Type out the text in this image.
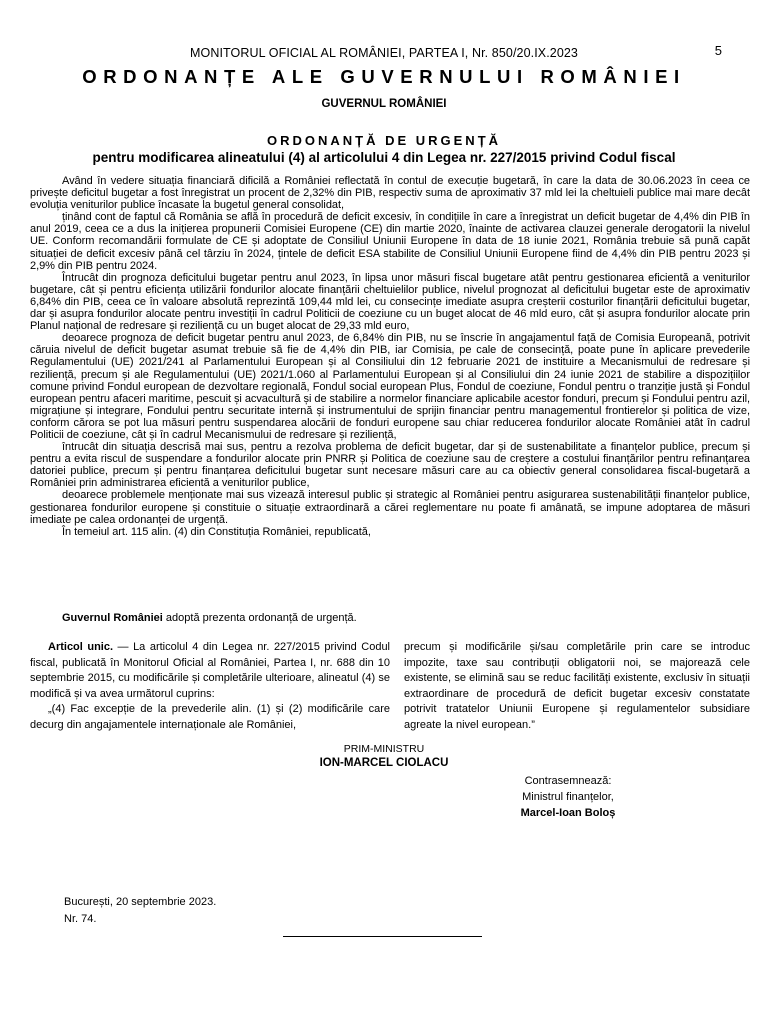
MONITORUL OFICIAL AL ROMÂNIEI, PARTEA I, Nr. 850/20.IX.2023	5
ORDONANȚE ALE GUVERNULUI ROMÂNIEI
GUVERNUL ROMÂNIEI
ORDONANȚĂ DE URGENȚĂ
pentru modificarea alineatului (4) al articolului 4 din Legea nr. 227/2015 privind Codul fiscal

Având în vedere situația financiară dificilă a României reflectată în contul de execuție bugetară, în care la data de 30.06.2023 în ceea ce privește deficitul bugetar a fost înregistrat un procent de 2,32% din PIB, respectiv suma de aproximativ 37 mld lei la cheltuieli publice mai mare decât evoluția veniturilor publice încasate la bugetul general consolidat,

ținând cont de faptul că România se află în procedură de deficit excesiv, în condițiile în care a înregistrat un deficit bugetar de 4,4% din PIB în anul 2019, ceea ce a dus la inițierea propunerii Comisiei Europene (CE) din martie 2020, înainte de activarea clauzei generale derogatorii la nivelul UE. Conform recomandării formulate de CE și adoptate de Consiliul Uniunii Europene în data de 18 iunie 2021, România trebuie să pună capăt situației de deficit excesiv până cel târziu în 2024, țintele de deficit ESA stabilite de Consiliul Uniunii Europene fiind de 4,4% din PIB pentru 2023 și 2,9% din PIB pentru 2024.

Întrucât din prognoza deficitului bugetar pentru anul 2023, în lipsa unor măsuri fiscal bugetare atât pentru gestionarea eficientă a veniturilor bugetare, cât și pentru eficiența utilizării fondurilor alocate finanțării cheltuielilor publice, nivelul prognozat al deficitului bugetar este de aproximativ 6,84% din PIB, ceea ce în valoare absolută reprezintă 109,44 mld lei, cu consecințe imediate asupra creșterii costurilor finanțării deficitului bugetar, dar și asupra fondurilor alocate pentru investiții în cadrul Politicii de coeziune cu un buget alocat de 46 mld euro, cât și asupra fondurilor alocate prin Planul național de redresare și reziliență cu un buget alocat de 29,33 mld euro,

deoarece prognoza de deficit bugetar pentru anul 2023, de 6,84% din PIB, nu se înscrie în angajamentul față de Comisia Europeană, potrivit căruia nivelul de deficit bugetar asumat trebuie să fie de 4,4% din PIB, iar Comisia, pe cale de consecință, poate pune în aplicare prevederile Regulamentului (UE) 2021/241 al Parlamentului European și al Consiliului din 12 februarie 2021 de instituire a Mecanismului de redresare și reziliență, precum și ale Regulamentului (UE) 2021/1.060 al Parlamentului European și al Consiliului din 24 iunie 2021 de stabilire a dispozițiilor comune privind Fondul european de dezvoltare regională, Fondul social european Plus, Fondul de coeziune, Fondul pentru o tranziție justă și Fondul european pentru afaceri maritime, pescuit și acvacultură și de stabilire a normelor financiare aplicabile acestor fonduri, precum și Fondului pentru azil, migrațiune și integrare, Fondului pentru securitate internă și instrumentului de sprijin financiar pentru managementul frontierelor și politica de vize, conform cărora se pot lua măsuri pentru suspendarea alocării de fonduri europene sau chiar reducerea fondurilor alocate României atât în cadrul Politicii de coeziune, cât și în cadrul Mecanismului de redresare și reziliență,

întrucât din situația descrisă mai sus, pentru a rezolva problema de deficit bugetar, dar și de sustenabilitate a finanțelor publice, precum și pentru a evita riscul de suspendare a fondurilor alocate prin PNRR și Politica de coeziune sau de creștere a costului finanțărilor pentru refinanțarea datoriei publice, precum și pentru finanțarea deficitului bugetar sunt necesare măsuri care au ca obiectiv general consolidarea fiscal-bugetară a României prin administrarea eficientă a veniturilor publice,

deoarece problemele menționate mai sus vizează interesul public și strategic al României pentru asigurarea sustenabilității finanțelor publice, gestionarea fondurilor europene și constituie o situație extraordinară a cărei reglementare nu poate fi amânată, se impune adoptarea de măsuri imediate pe calea ordonanței de urgență.

În temeiul art. 115 alin. (4) din Constituția României, republicată,

Guvernul României adoptă prezenta ordonanță de urgență.

Articol unic. — La articolul 4 din Legea nr. 227/2015 privind Codul fiscal, publicată în Monitorul Oficial al României, Partea I, nr. 688 din 10 septembrie 2015, cu modificările și completările ulterioare, alineatul (4) se modifică și va avea următorul cuprins:

„(4) Fac excepție de la prevederile alin. (1) și (2) modificările care decurg din angajamentele internaționale ale României,

precum și modificările și/sau completările prin care se introduc impozite, taxe sau contribuții obligatorii noi, se majorează cele existente, se elimină sau se reduc facilități existente, exclusiv în situații extraordinare de procedură de deficit bugetar excesiv constatate potrivit tratatelor Uniunii Europene și regulamentelor subsidiare agreate la nivel european.”

PRIM-MINISTRU
ION-MARCEL CIOLACU
Contrasemnează:
Ministrul finanțelor,
Marcel-Ioan Boloș
București, 20 septembrie 2023.
Nr. 74.
